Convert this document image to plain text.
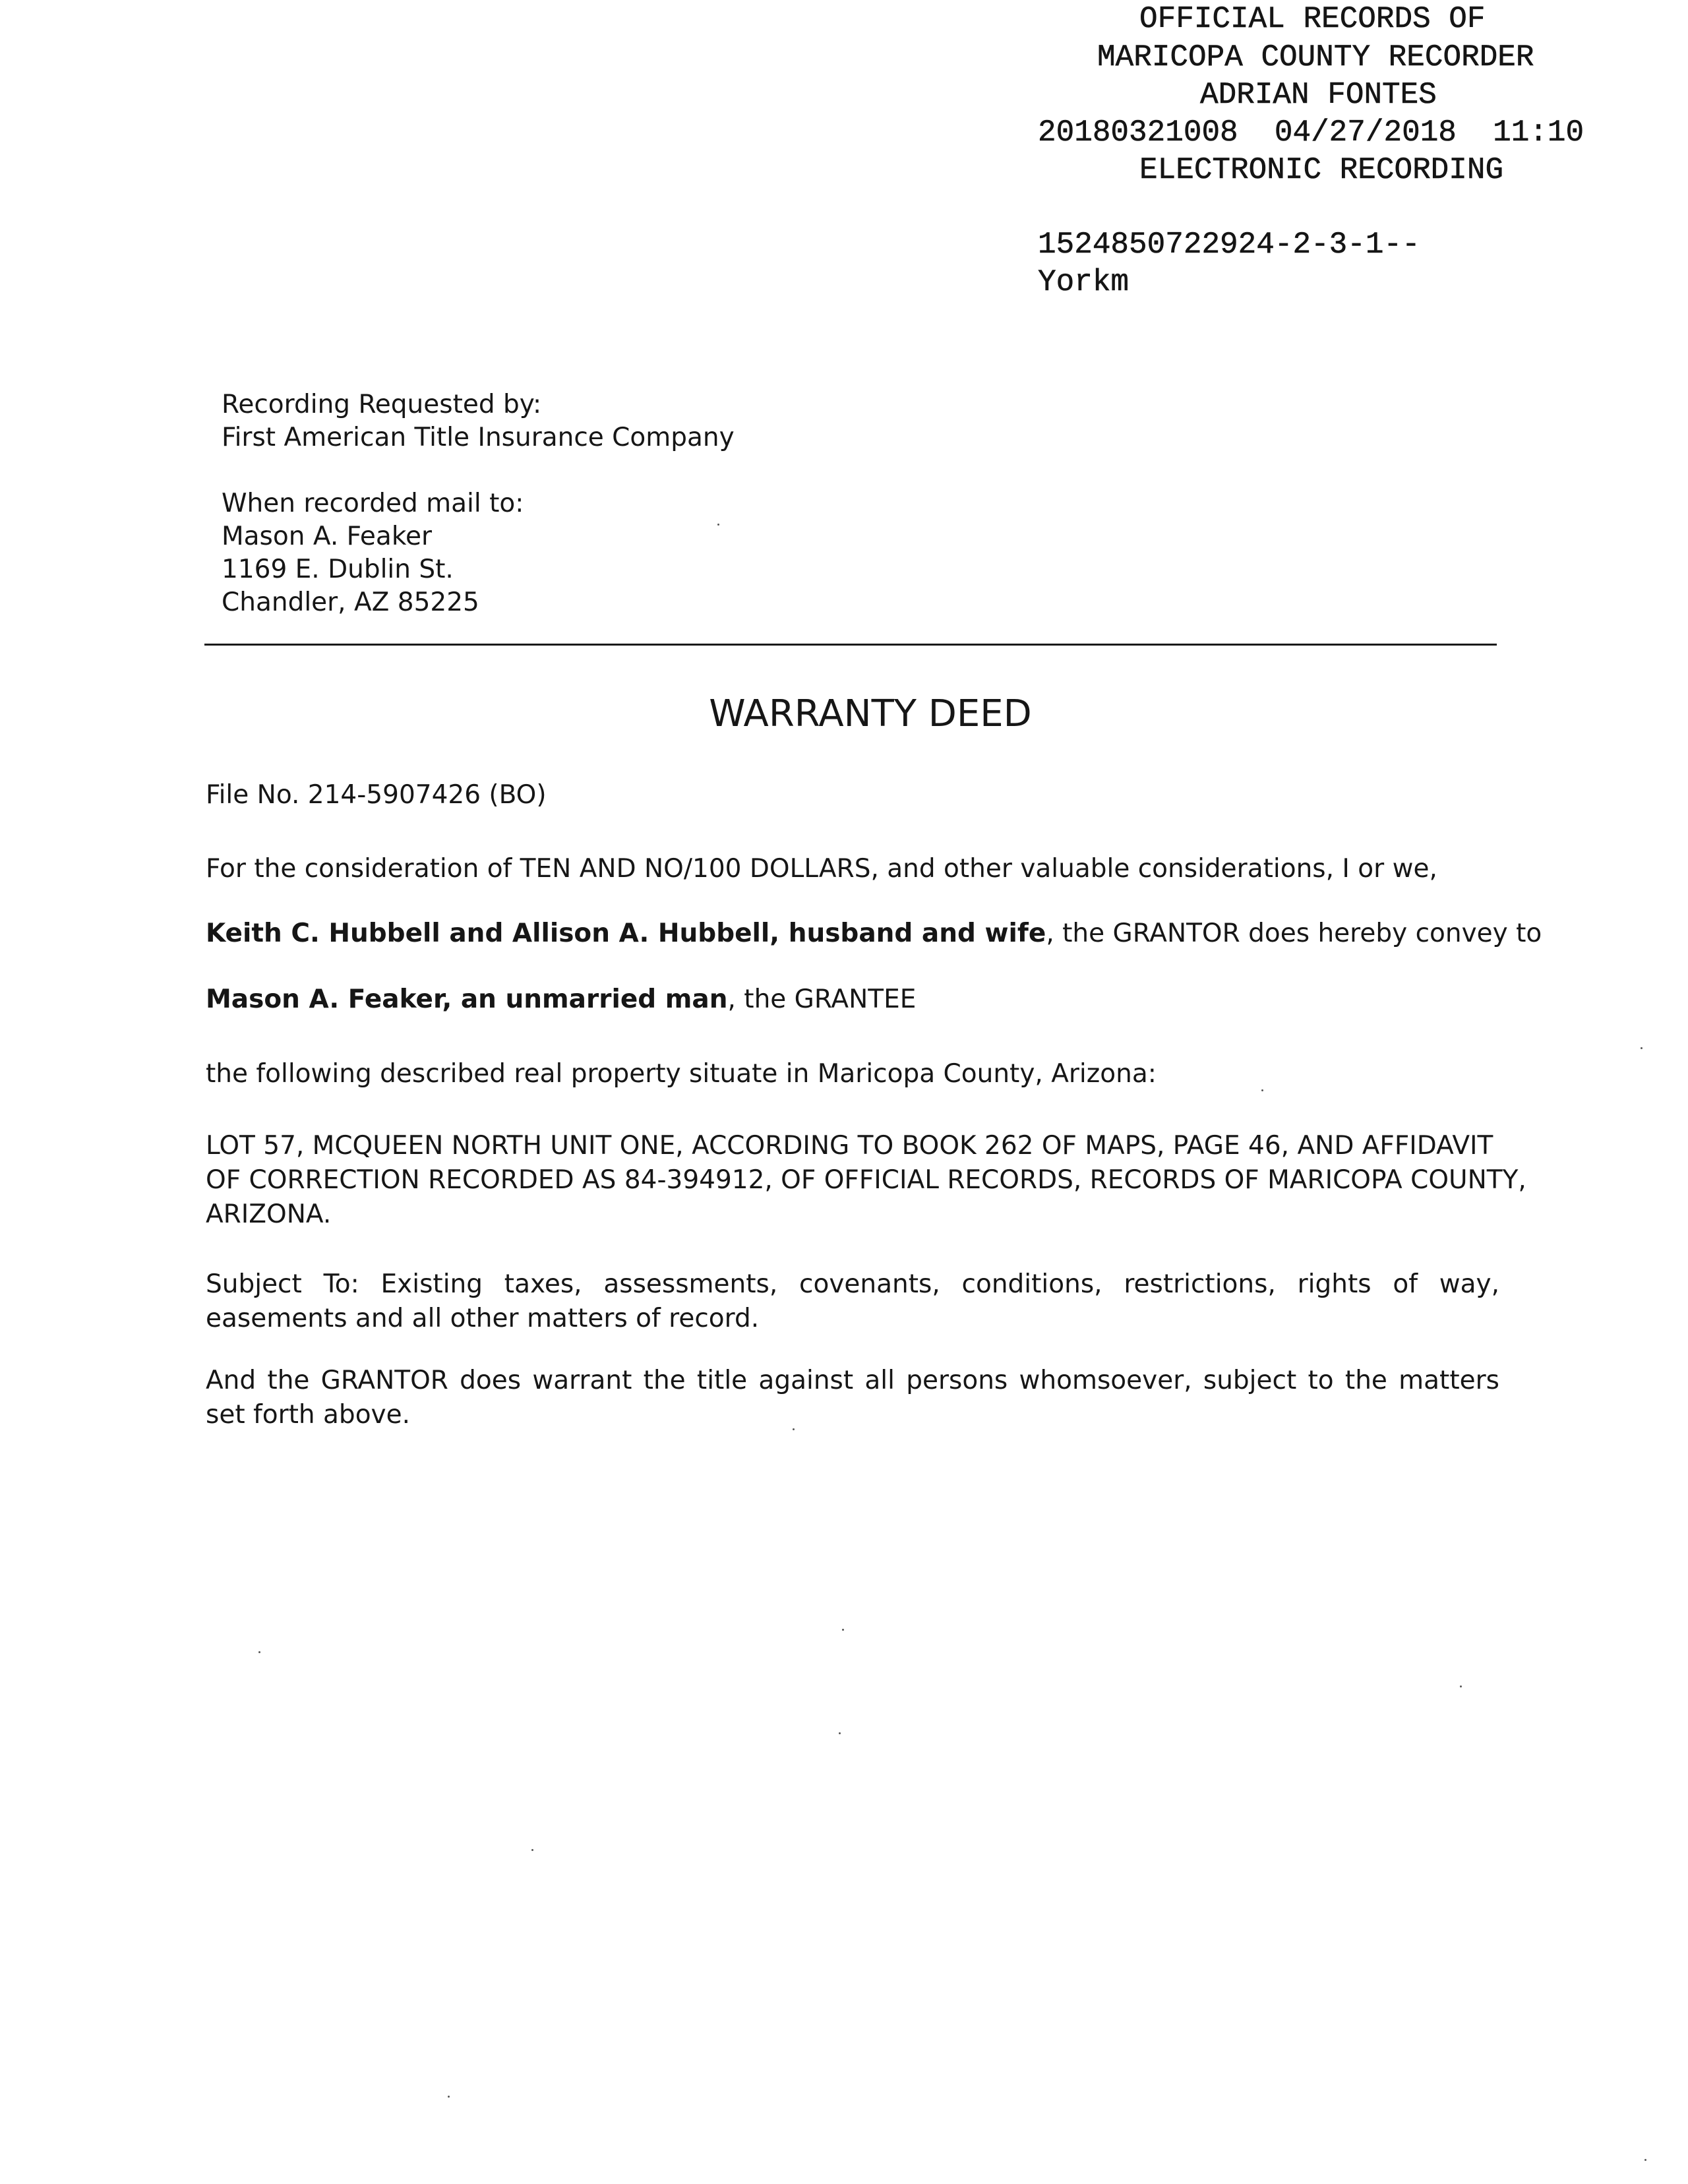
OFFICIAL RECORDS OF

MARICOPA COUNTY RECORDER

ADRIAN FONTES

20180321008  04/27/2018  11:10

ELECTRONIC RECORDING

1524850722924-2-3-1--

Yorkm

Recording Requested by:
First American Title Insurance Company
When recorded mail to:
Mason A. Feaker
1169 E. Dublin St.
Chandler, AZ 85225
WARRANTY DEED
File No. 214-5907426 (BO)
For the consideration of TEN AND NO/100 DOLLARS, and other valuable considerations, I or we,
Keith C. Hubbell and Allison A. Hubbell, husband and wife, the GRANTOR does hereby convey to
Mason A. Feaker, an unmarried man, the GRANTEE
the following described real property situate in Maricopa County, Arizona:
LOT 57, MCQUEEN NORTH UNIT ONE, ACCORDING TO BOOK 262 OF MAPS, PAGE 46, AND AFFIDAVIT
OF CORRECTION RECORDED AS 84-394912, OF OFFICIAL RECORDS, RECORDS OF MARICOPA COUNTY,
ARIZONA.
Subject To: Existing taxes, assessments, covenants, conditions, restrictions, rights of way, easements and all other matters of record.
And the GRANTOR does warrant the title against all persons whomsoever, subject to the matters set forth above.
